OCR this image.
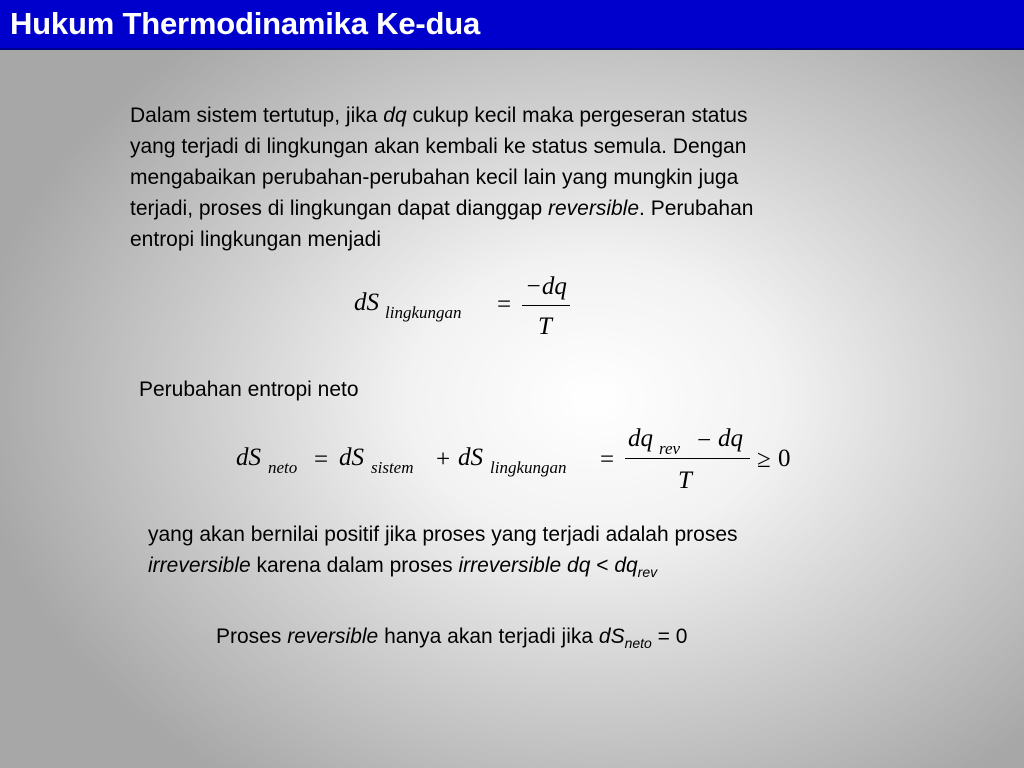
Hukum Thermodinamika Ke-dua
Dalam sistem tertutup, jika dq cukup kecil maka pergeseran status
yang terjadi di lingkungan akan kembali ke status semula. Dengan
mengabaikan perubahan-perubahan kecil lain yang mungkin juga
terjadi, proses di lingkungan dapat dianggap reversible. Perubahan
entropi lingkungan menjadi
dS lingkungan =
−dq
T
Perubahan entropi neto
dS neto = dS sistem + dS lingkungan =
dq rev − dq
T
≥ 0
yang akan bernilai positif jika proses yang terjadi adalah proses
irreversible karena dalam proses irreversible dq < $dq_{rev}$
Proses reversible hanya akan terjadi jika $dS_{neto} = 0$
